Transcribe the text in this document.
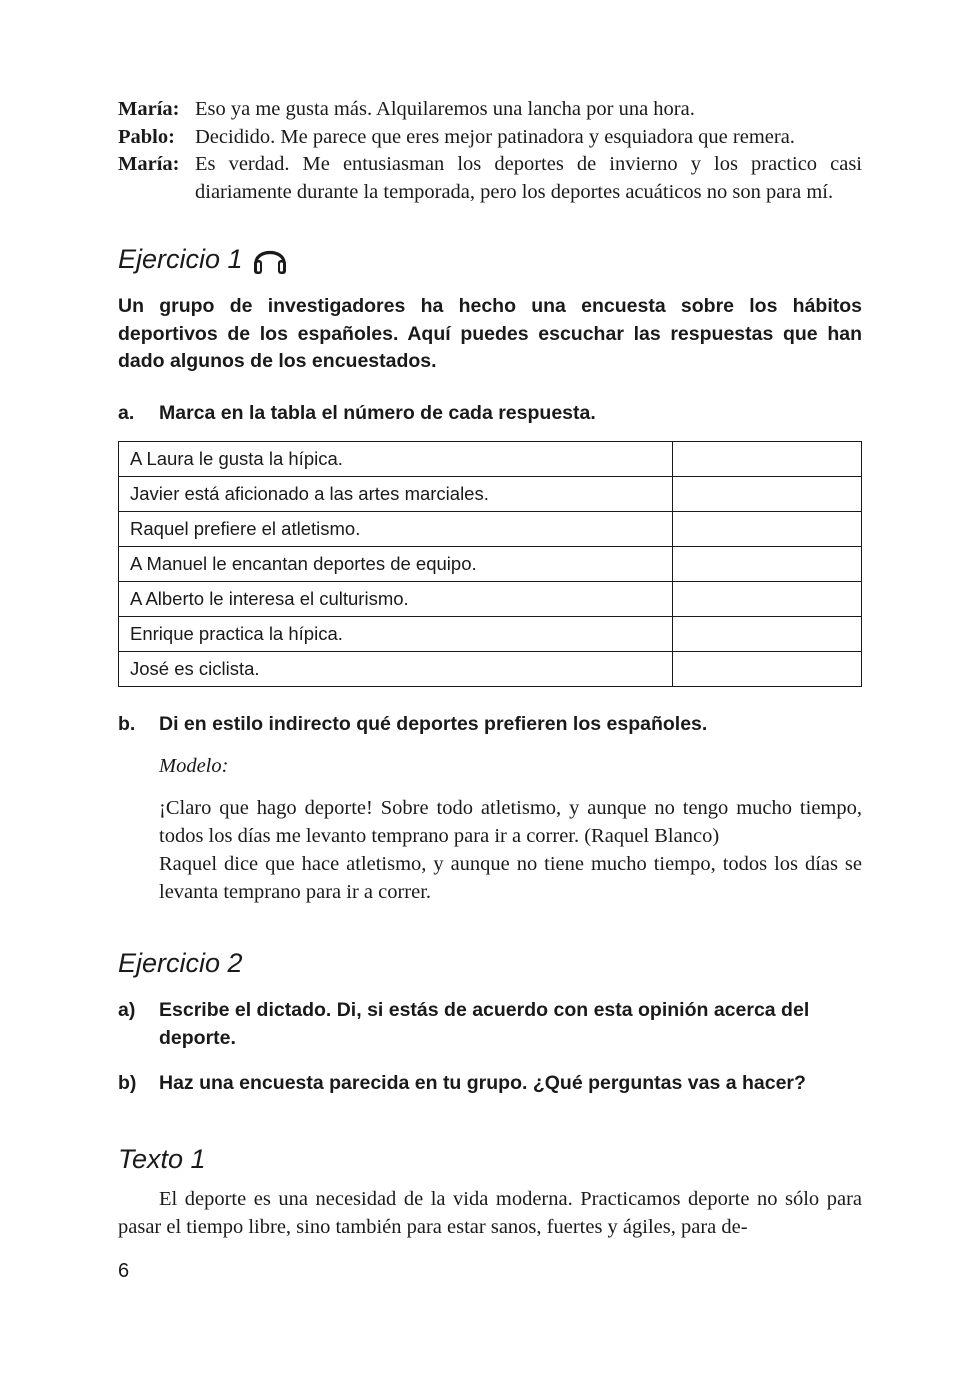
María: Eso ya me gusta más. Alquilaremos una lancha por una hora.
Pablo: Decidido. Me parece que eres mejor patinadora y esquiadora que remera.
María: Es verdad. Me entusiasman los deportes de invierno y los practico casi diariamente durante la temporada, pero los deportes acuáticos no son para mí.
Ejercicio 1
Un grupo de investigadores ha hecho una encuesta sobre los hábitos deportivos de los españoles. Aquí puedes escuchar las respuestas que han dado algunos de los encuestados.
a.	Marca en la tabla el número de cada respuesta.
A Laura le gusta la hípica.	
Javier está aficionado a las artes marciales.	
Raquel prefiere el atletismo.	
A Manuel le encantan deportes de equipo.	
A Alberto le interesa el culturismo.	
Enrique practica la hípica.	
José es ciclista.	
b.	Di en estilo indirecto qué deportes prefieren los españoles.
Modelo:
¡Claro que hago deporte! Sobre todo atletismo, y aunque no tengo mucho tiempo, todos los días me levanto temprano para ir a correr. (Raquel Blanco)
Raquel dice que hace atletismo, y aunque no tiene mucho tiempo, todos los días se levanta temprano para ir a correr.
Ejercicio 2
a)	Escribe el dictado. Di, si estás de acuerdo con esta opinión acerca del deporte.
b)	Haz una encuesta parecida en tu grupo. ¿Qué perguntas vas a hacer?
Texto 1
El deporte es una necesidad de la vida moderna. Practicamos deporte no sólo para pasar el tiempo libre, sino también para estar sanos, fuertes y ágiles, para de-
6
